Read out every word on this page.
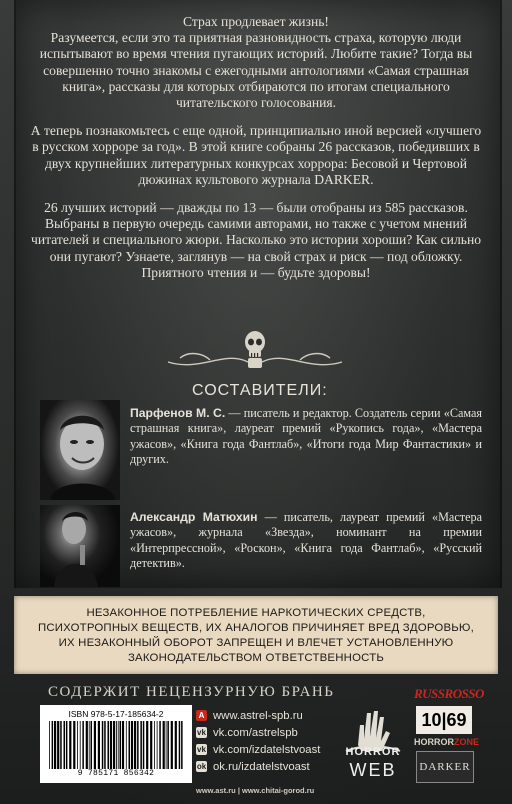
Страх продлевает жизнь!

Разумеется, если это та приятная разновидность страха, которую люди испытывают во время чтения пугающих историй. Любите такие? Тогда вы совершенно точно знакомы с ежегодными антологиями «Самая страшная книга», рассказы для которых отбираются по итогам специального читательского голосования.

А теперь познакомьтесь с еще одной, принципиально иной версией «лучшего в русском хорроре за год». В этой книге собраны 26 рассказов, победивших в двух крупнейших литературных конкурсах хоррора: Бесовой и Чертовой дюжинах культового журнала DARKER.

26 лучших историй — дважды по 13 — были отобраны из 585 рассказов. Выбраны в первую очередь самими авторами, но также с учетом мнений читателей и специального жюри. Насколько это истории хороши? Как сильно они пугают? Узнаете, заглянув — на свой страх и риск — под обложку. Приятного чтения и — будьте здоровы!

СОСТАВИТЕЛИ:
Парфенов М. С. — писатель и редактор. Создатель серии «Самая страшная книга», лауреат премий «Рукопись года», «Мастера ужасов», «Книга года Фантлаб», «Итоги года Мир Фантастики» и других.
Александр Матюхин — писатель, лауреат премий «Мастера ужасов», журнала «Звезда», номинант на премии «Интерпрессной», «Роскон», «Книга года Фантлаб», «Русский детектив».

НЕЗАКОННОЕ ПОТРЕБЛЕНИЕ НАРКОТИЧЕСКИХ СРЕДСТВ,
ПСИХОТРОПНЫХ ВЕЩЕСТВ, ИХ АНАЛОГОВ ПРИЧИНЯЕТ ВРЕД ЗДОРОВЬЮ,
ИХ НЕЗАКОННЫЙ ОБОРОТ ЗАПРЕЩЕН И ВЛЕЧЕТ УСТАНОВЛЕННУЮ
ЗАКОНОДАТЕЛЬСТВОМ ОТВЕТСТВЕННОСТЬ

СОДЕРЖИТ НЕЦЕНЗУРНУЮ БРАНЬ
ISBN 978-5-17-185634-2
9 785171 856342
A www.astrel-spb.ru
vk vk.com/astrelspb
vk vk.com/izdatelstvoast
ok ok.ru/izdatelstvoast
www.ast.ru | www.chitai-gorod.ru
HORROR
WEB
RUSSROSSO
10|69
HORRORZONE
DARKER
